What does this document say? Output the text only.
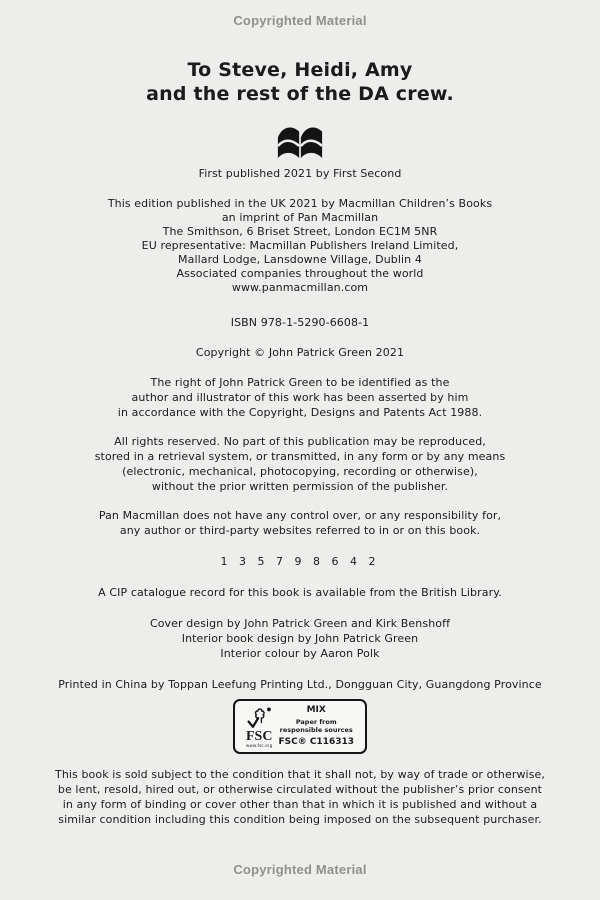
Copyrighted Material
To Steve, Heidi, Amy
and the rest of the DA crew.
First published 2021 by First Second
This edition published in the UK 2021 by Macmillan Children’s Books
an imprint of Pan Macmillan
The Smithson, 6 Briset Street, London EC1M 5NR
EU representative: Macmillan Publishers Ireland Limited,
Mallard Lodge, Lansdowne Village, Dublin 4
Associated companies throughout the world
www.panmacmillan.com
ISBN 978-1-5290-6608-1
Copyright © John Patrick Green 2021
The right of John Patrick Green to be identified as the
author and illustrator of this work has been asserted by him
in accordance with the Copyright, Designs and Patents Act 1988.
All rights reserved. No part of this publication may be reproduced,
stored in a retrieval system, or transmitted, in any form or by any means
(electronic, mechanical, photocopying, recording or otherwise),
without the prior written permission of the publisher.
Pan Macmillan does not have any control over, or any responsibility for,
any author or third-party websites referred to in or on this book.
1 3 5 7 9 8 6 4 2
A CIP catalogue record for this book is available from the British Library.
Cover design by John Patrick Green and Kirk Benshoff
Interior book design by John Patrick Green
Interior colour by Aaron Polk
Printed in China by Toppan Leefung Printing Ltd., Dongguan City, Guangdong Province
FSC
www.fsc.org
MIX
Paper from
responsible sources
FSC® C116313
This book is sold subject to the condition that it shall not, by way of trade or otherwise,
be lent, resold, hired out, or otherwise circulated without the publisher’s prior consent
in any form of binding or cover other than that in which it is published and without a
similar condition including this condition being imposed on the subsequent purchaser.
Copyrighted Material
